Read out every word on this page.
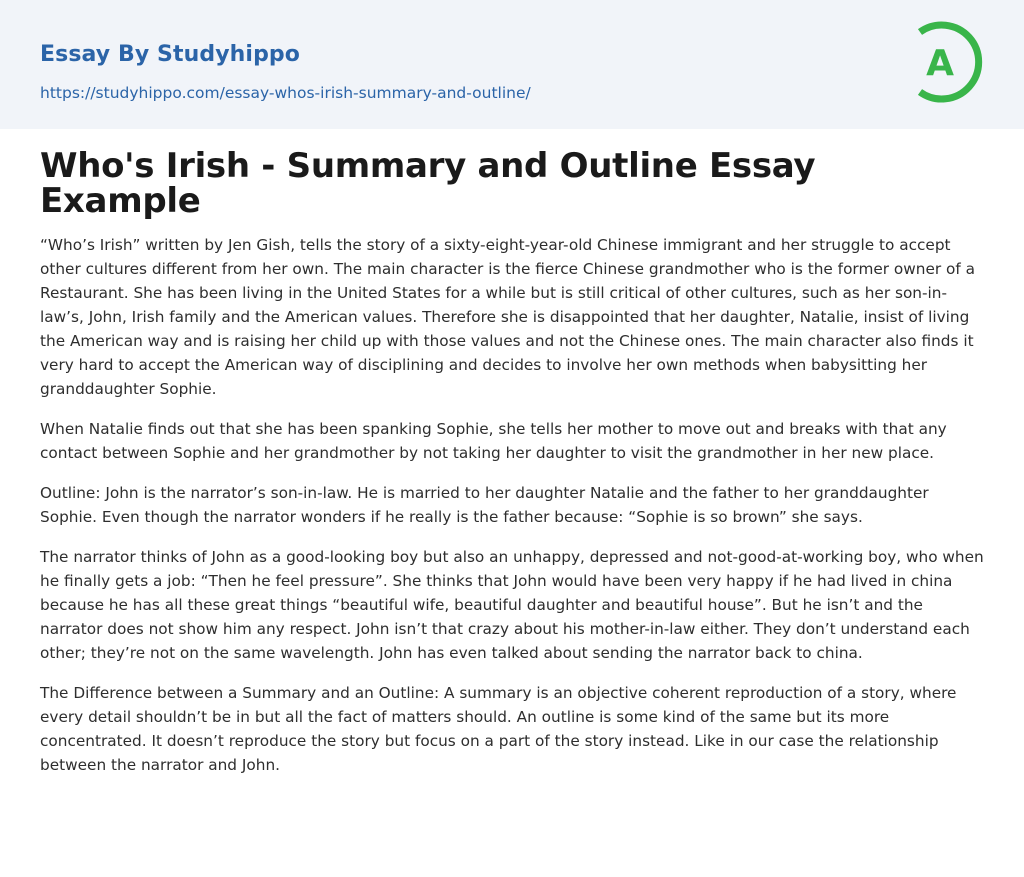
Essay By Studyhippo
https://studyhippo.com/essay-whos-irish-summary-and-outline/
A
Who's Irish - Summary and Outline Essay Example

“Who’s Irish” written by Jen Gish, tells the story of a sixty-eight-year-old Chinese immigrant and her struggle to accept other cultures different from her own. The main character is the fierce Chinese grandmother who is the former owner of a Restaurant. She has been living in the United States for a while but is still critical of other cultures, such as her son-in-law’s, John, Irish family and the American values. Therefore she is disappointed that her daughter, Natalie, insist of living the American way and is raising her child up with those values and not the Chinese ones. The main character also finds it very hard to accept the American way of disciplining and decides to involve her own methods when babysitting her granddaughter Sophie.

When Natalie finds out that she has been spanking Sophie, she tells her mother to move out and breaks with that any contact between Sophie and her grandmother by not taking her daughter to visit the grandmother in her new place.

Outline: John is the narrator’s son-in-law. He is married to her daughter Natalie and the father to her granddaughter Sophie. Even though the narrator wonders if he really is the father because: “Sophie is so brown” she says.

The narrator thinks of John as a good-looking boy but also an unhappy, depressed and not-good-at-working boy, who when he finally gets a job: “Then he feel pressure”. She thinks that John would have been very happy if he had lived in china because he has all these great things “beautiful wife, beautiful daughter and beautiful house”. But he isn’t and the narrator does not show him any respect. John isn’t that crazy about his mother-in-law either. They don’t understand each other; they’re not on the same wavelength. John has even talked about sending the narrator back to china.

The Difference between a Summary and an Outline: A summary is an objective coherent reproduction of a story, where every detail shouldn’t be in but all the fact of matters should. An outline is some kind of the same but its more concentrated. It doesn’t reproduce the story but focus on a part of the story instead. Like in our case the relationship between the narrator and John.
